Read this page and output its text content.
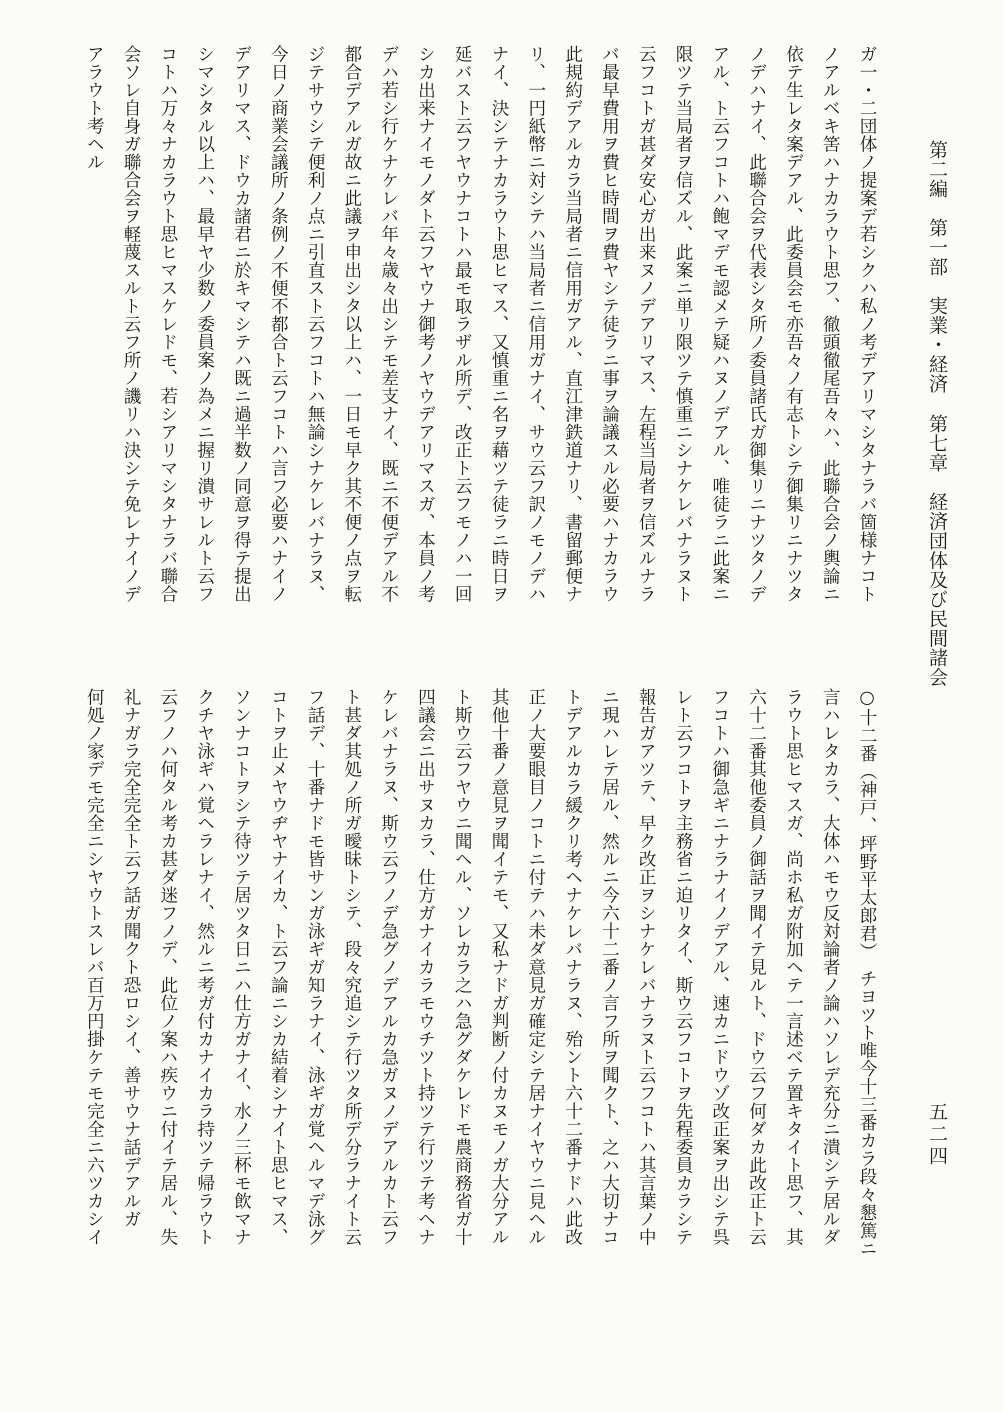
第二編　第一部　実業・経済 第七章　経済団体及び民間諸会
五二四

ガ一・二団体ノ提案デ若シクハ私ノ考デアリマシタナラバ箇様ナコト

ノアルベキ筈ハナカラウト思フ、徹頭徹尾吾々ハ、此聯合会ノ輿論ニ

依テ生レタ案デアル、此委員会モ亦吾々ノ有志トシテ御集リニナツタ

ノデハナイ、此聯合会ヲ代表シタ所ノ委員諸氏ガ御集リニナツタノデ

アル、ト云フコトハ飽マデモ認メテ疑ハヌノデアル、唯徒ラニ此案ニ

限ツテ当局者ヲ信ズル、此案ニ単リ限ツテ慎重ニシナケレバナラヌト

云フコトガ甚ダ安心ガ出来ヌノデアリマス、左程当局者ヲ信ズルナラ

バ最早費用ヲ費ヒ時間ヲ費ヤシテ徒ラニ事ヲ論議スル必要ハナカラウ

此規約デアルカラ当局者ニ信用ガアル、直江津鉄道ナリ、書留郵便ナ

リ、一円紙幣ニ対シテハ当局者ニ信用ガナイ、サウ云フ訳ノモノデハ

ナイ、決シテナカラウト思ヒマス、又慎重ニ名ヲ藉ツテ徒ラニ時日ヲ

延バスト云フヤウナコトハ最モ取ラザル所デ、改正ト云フモノハ一回

シカ出来ナイモノダト云フヤウナ御考ノヤウデアリマスガ、本員ノ考

デハ若シ行ケナケレバ年々歳々出シテモ差支ナイ、既ニ不便デアル不

都合デアルガ故ニ此議ヲ申出シタ以上ハ、一日モ早ク其不便ノ点ヲ転

ジテサウシテ便利ノ点ニ引直スト云フコトハ無論シナケレバナラヌ、

今日ノ商業会議所ノ条例ノ不便不都合ト云フコトハ言フ必要ハナイノ

デアリマス、ドウカ諸君ニ於キマシテハ既ニ過半数ノ同意ヲ得テ提出

シマシタル以上ハ、最早ヤ少数ノ委員案ノ為メニ握リ潰サレルト云フ

コトハ万々ナカラウト思ヒマスケレドモ、若シアリマシタナラバ聯合

会ソレ自身ガ聯合会ヲ軽蔑スルト云フ所ノ譏リハ決シテ免レナイノデ

アラウト考ヘル

○十二番（神戸、坪野平太郎君）　チヨツト唯今十三番カラ段々懇篤ニ

言ハレタカラ、大体ハモウ反対論者ノ論ハソレデ充分ニ潰シテ居ルダ

ラウト思ヒマスガ、尚ホ私ガ附加ヘテ一言述ベテ置キタイト思フ、其

六十二番其他委員ノ御話ヲ聞イテ見ルト、ドウ云フ何ダカ此改正ト云

フコトハ御急ギニナラナイノデアル、速カニドウゾ改正案ヲ出シテ呉

レト云フコトヲ主務省ニ迫リタイ、斯ウ云フコトヲ先程委員カラシテ

報告ガアツテ、早ク改正ヲシナケレバナラヌト云フコトハ其言葉ノ中

ニ現ハレテ居ル、然ルニ今六十二番ノ言フ所ヲ聞クト、之ハ大切ナコ

トデアルカラ緩クリ考ヘナケレバナラヌ、殆ント六十二番ナドハ此改

正ノ大要眼目ノコトニ付テハ未ダ意見ガ確定シテ居ナイヤウニ見ヘル

其他十番ノ意見ヲ聞イテモ、又私ナドガ判断ノ付カヌモノガ大分アル

ト斯ウ云フヤウニ聞ヘル、ソレカラ之ハ急グダケレドモ農商務省ガ十

四議会ニ出サヌカラ、仕方ガナイカラモウチツト持ツテ行ツテ考ヘナ

ケレバナラヌ、斯ウ云フノデ急グノデアルカ急ガヌノデアルカト云フ

ト甚ダ其処ノ所ガ曖昧トシテ、段々究追シテ行ツタ所デ分ラナイト云

フ話デ、十番ナドモ皆サンガ泳ギガ知ラナイ、泳ギガ覚ヘルマデ泳グ

コトヲ止メヤウヂヤナイカ、ト云フ論ニシカ結着シナイト思ヒマス、

ソンナコトヲシテ待ツテ居ツタ日ニハ仕方ガナイ、水ノ三杯モ飲マナ

クチヤ泳ギハ覚ヘラレナイ、然ルニ考ガ付カナイカラ持ツテ帰ラウト

云フノハ何タル考カ甚ダ迷フノデ、此位ノ案ハ疾ウニ付イテ居ル、失

礼ナガラ完全完全ト云フ話ガ聞クト恐ロシイ、善サウナ話デアルガ

何処ノ家デモ完全ニシヤウトスレバ百万円掛ケテモ完全ニ六ツカシイ
